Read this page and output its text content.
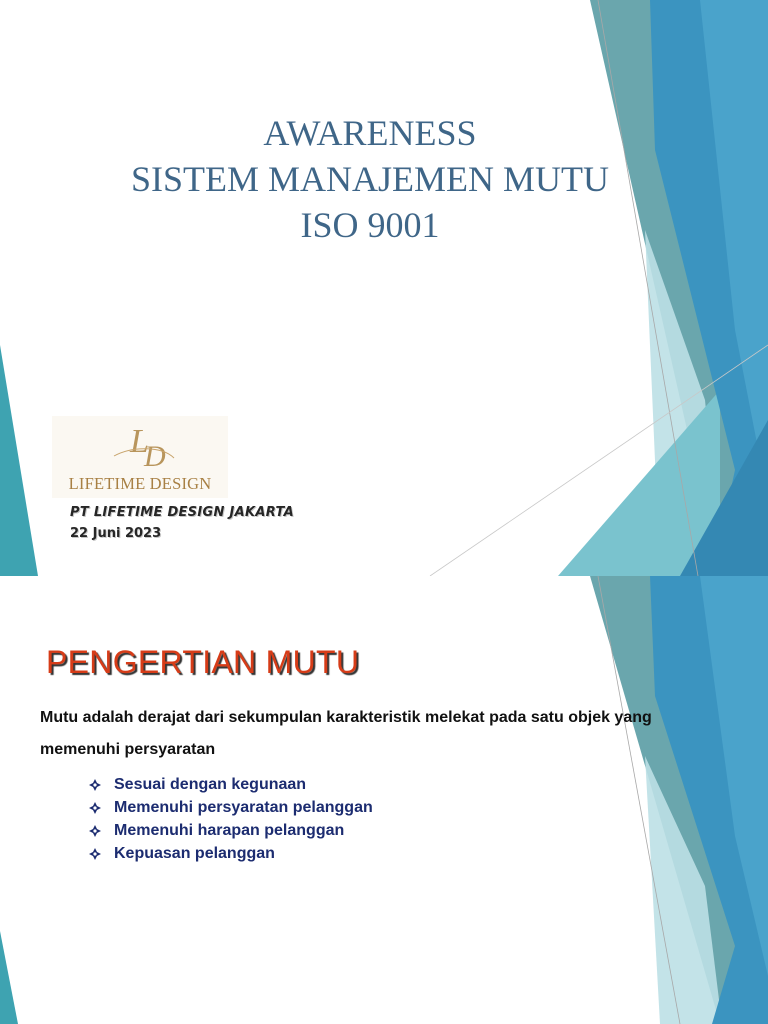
AWARENESS
SISTEM MANAJEMEN MUTU
ISO 9001
L
D
LIFETIME DESIGN
PT LIFETIME DESIGN JAKARTA
22 Juni 2023
PENGERTIAN MUTU
Mutu adalah derajat dari sekumpulan karakteristik melekat pada satu objek yang memenuhi persyaratan
Sesuai dengan kegunaan
Memenuhi persyaratan pelanggan
Memenuhi harapan pelanggan
Kepuasan pelanggan
